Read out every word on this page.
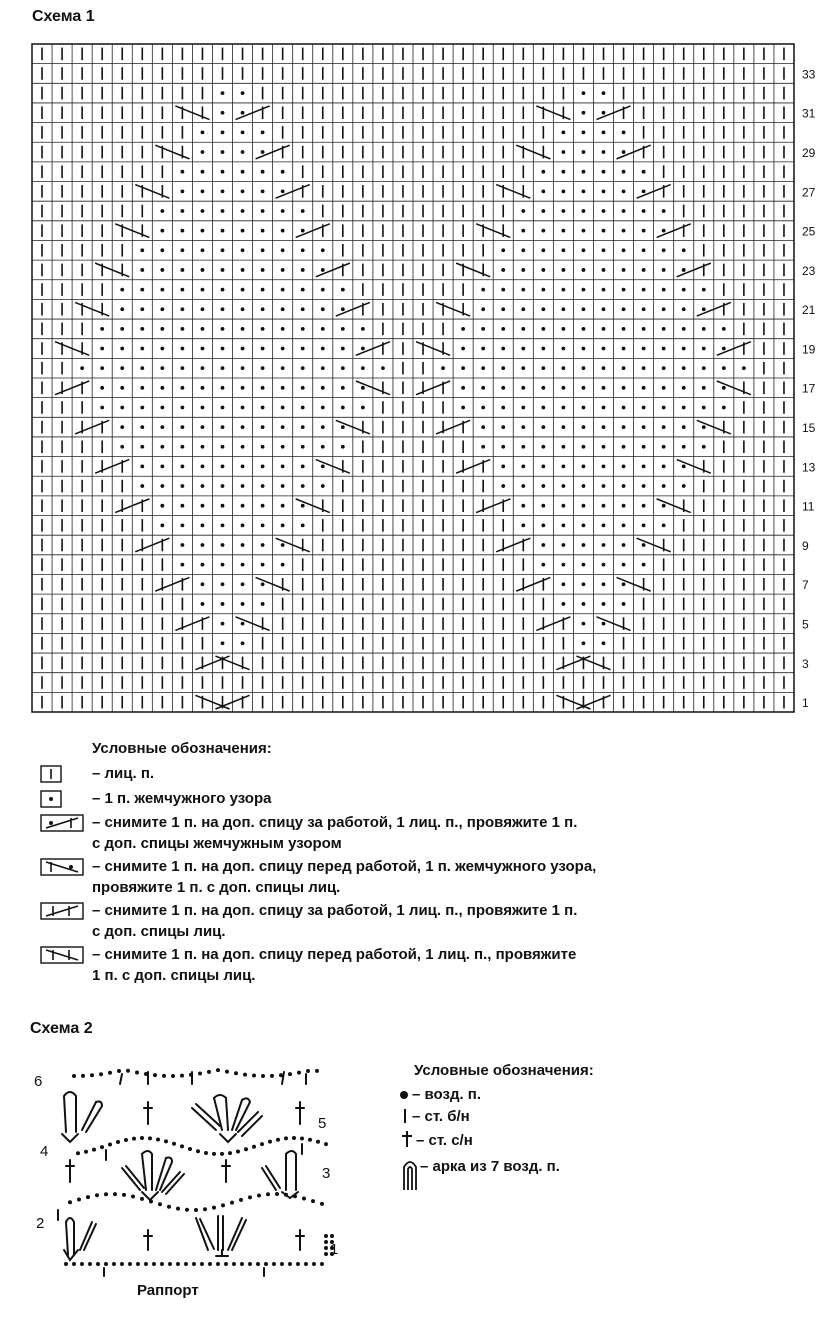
Схема 1
1
3
5
7
9
11
13
15
17
19
21
23
25
27
29
31
33
Условные обозначения:
– лиц. п.
– 1 п. жемчужного узора
– снимите 1 п. на доп. спицу за работой, 1 лиц. п., провяжите 1 п.
с доп. спицы жемчужным узором
– снимите 1 п. на доп. спицу перед работой, 1 п. жемчужного узора,
провяжите 1 п. с доп. спицы лиц.
– снимите 1 п. на доп. спицу за работой, 1 лиц. п., провяжите 1 п.
с доп. спицы лиц.
– снимите 1 п. на доп. спицу перед работой, 1 лиц. п., провяжите
1 п. с доп. спицы лиц.
Схема 2
6
5
4
3
2
1
Раппорт
Условные обозначения:
– возд. п.
– ст. б/н
– ст. с/н
– арка из 7 возд. п.
